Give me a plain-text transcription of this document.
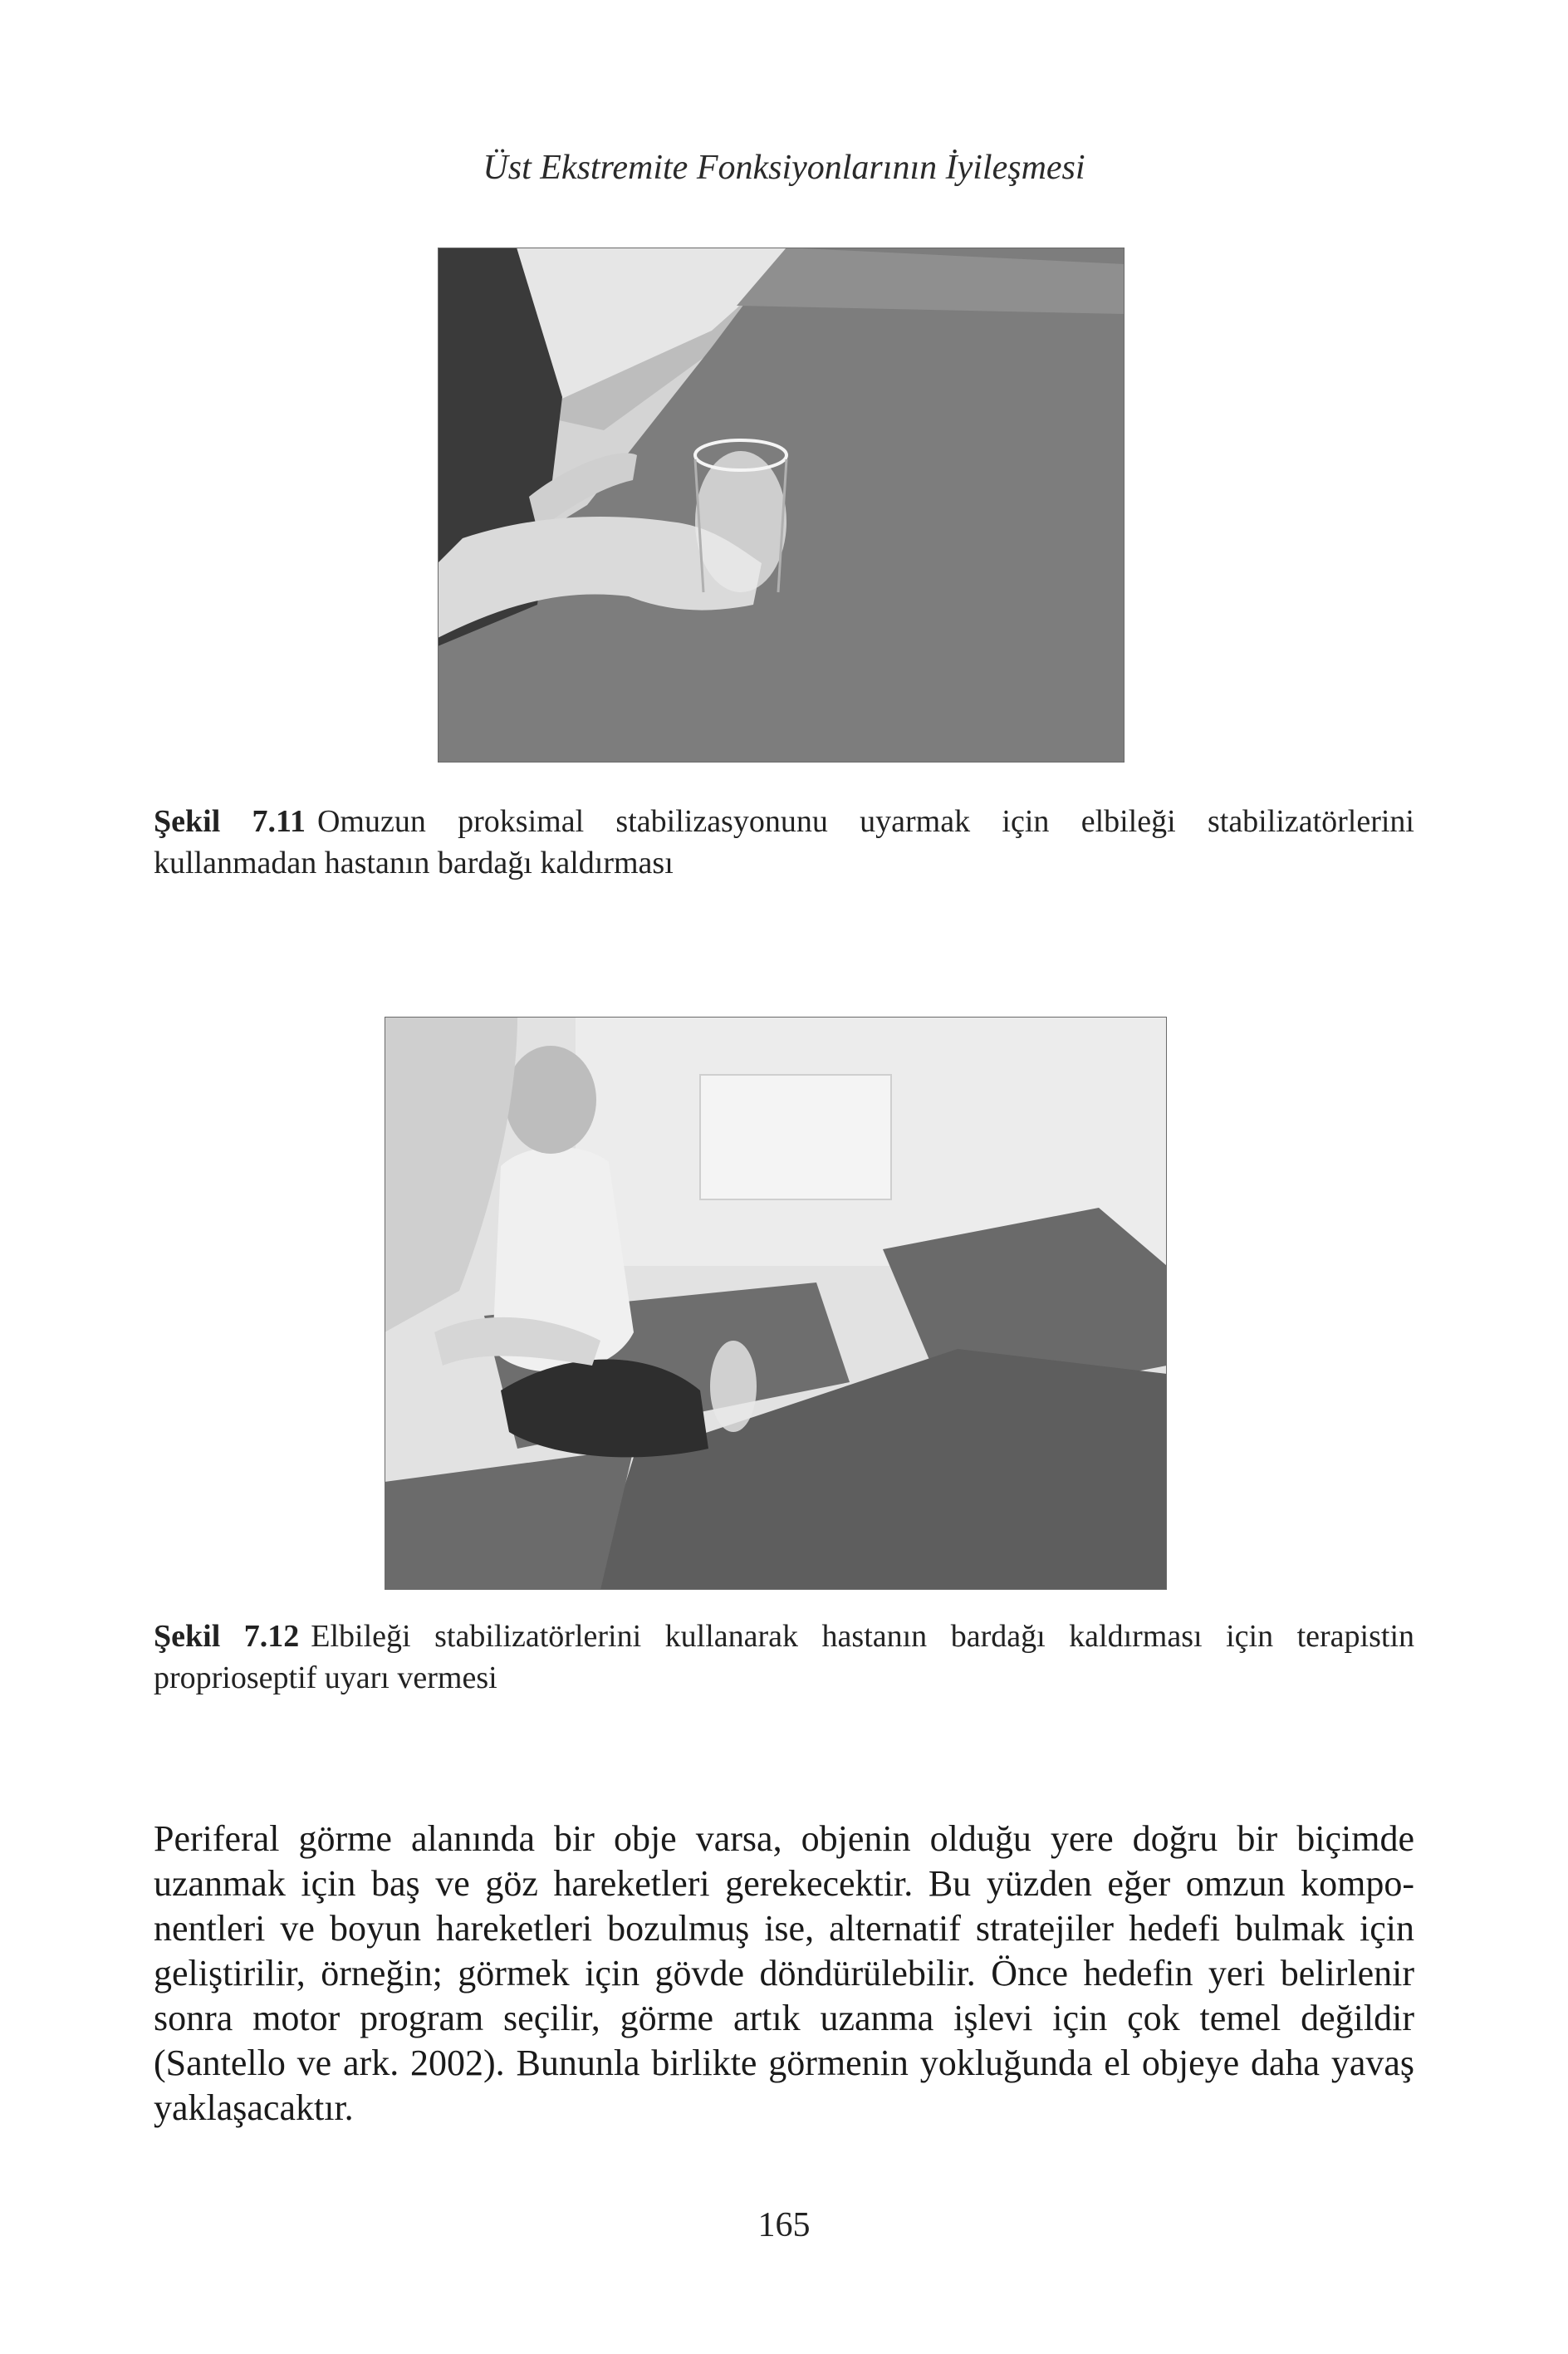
Üst Ekstremite Fonksiyonlarının İyileşmesi
Şekil 7.11 Omuzun proksimal stabilizasyonunu uyarmak için elbileği stabilizatörlerini kullanmadan hastanın bardağı kaldırması
Şekil 7.12 Elbileği stabilizatörlerini kullanarak hastanın bardağı kaldırması için terapistin proprioseptif uyarı vermesi

Periferal görme alanında bir obje varsa, objenin olduğu yere doğru bir biçimde uzanmak için baş ve göz hareketleri gerekecektir. Bu yüzden eğer omzun komponentleri ve boyun hareketleri bozulmuş ise, alternatif stratejiler hedefi bulmak için geliştirilir, örneğin; görmek için gövde döndürülebilir. Önce hedefin yeri belirlenir sonra motor program seçilir, görme artık uzanma işlevi için çok temel değildir (Santello ve ark. 2002). Bununla birlikte görmenin yokluğunda el objeye daha yavaş yaklaşacaktır.

165
